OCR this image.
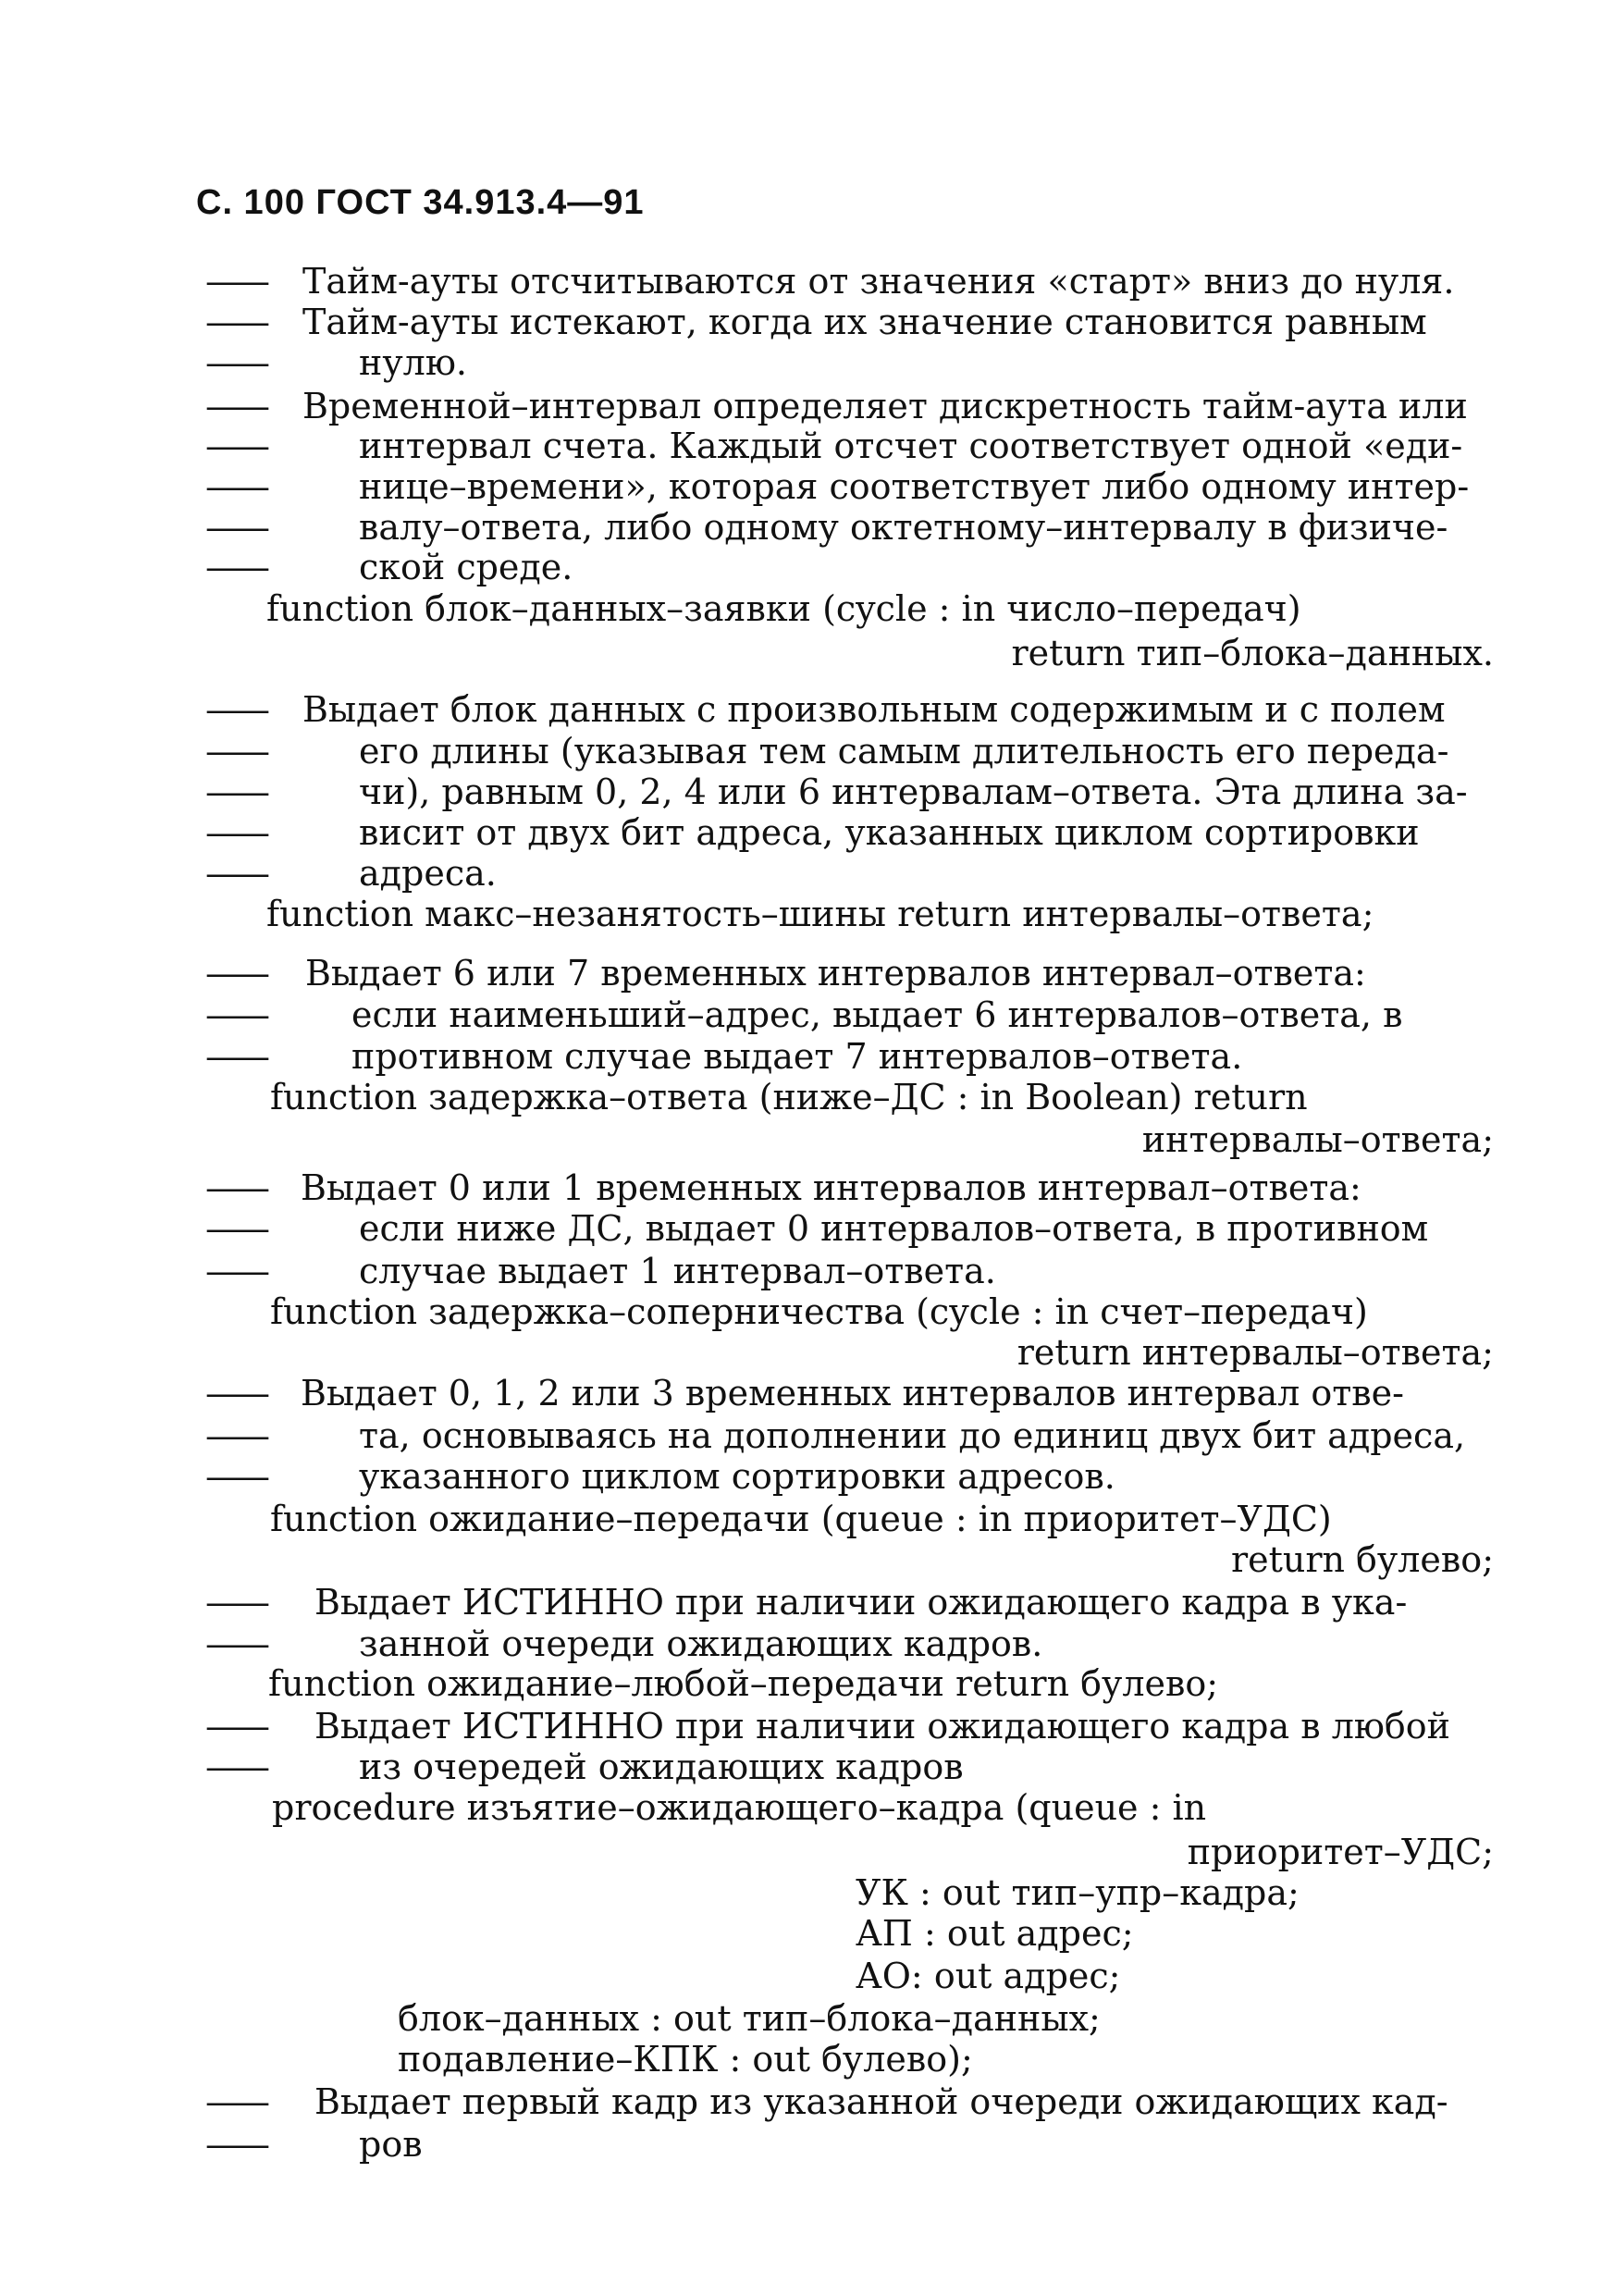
С. 100 ГОСТ 34.913.4—91
—— Тайм-ауты отсчитываются от значения «старт» вниз до нуля.
—— Тайм-ауты истекают, когда их значение становится равным
——	нулю.
—— Временной–интервал определяет дискретность тайм-аута или
——	интервал счета. Каждый отсчет соответствует одной «еди-
——	нице–времени», которая соответствует либо одному интер-
——	валу–ответа, либо одному октетному–интервалу в физиче-
——	ской среде.
function блок–данных–заявки (cycle : in число–передач)
return тип–блока–данных.
—— Выдает блок данных с произвольным содержимым и с полем
——	его длины (указывая тем самым длительность его переда-
——	чи), равным 0, 2, 4 или 6 интервалам–ответа. Эта длина за-
——	висит от двух бит адреса, указанных циклом сортировки
——	адреса.
function макс–незанятость–шины return интервалы–ответа;
—— Выдает 6 или 7 временных интервалов интервал–ответа:
—— если наименьший–адрес, выдает 6 интервалов–ответа, в
—— противном случае выдает 7 интервалов–ответа.
function задержка–ответа (ниже–ДС : in Boolean) return
интервалы–ответа;
—— Выдает 0 или 1 временных интервалов интервал–ответа:
——	если ниже ДС, выдает 0 интервалов–ответа, в противном
——	случае выдает 1 интервал–ответа.
function задержка–соперничества (cycle : in счет–передач)
return интервалы–ответа;
—— Выдает 0, 1, 2 или 3 временных интервалов интервал отве-
——	та, основываясь на дополнении до единиц двух бит адреса,
——	указанного циклом сортировки адресов.
function ожидание–передачи (queue : in приоритет–УДС)
return булево;
—— Выдает ИСТИННО при наличии ожидающего кадра в ука-
——	занной очереди ожидающих кадров.
function ожидание–любой–передачи return булево;
—— Выдает ИСТИННО при наличии ожидающего кадра в любой
——	из очередей ожидающих кадров
procedure изъятие–ожидающего–кадра (queue : in
приоритет–УДС;
УК : out тип–упр–кадра;
АП : out адрес;
АО: out адрес;
блок–данных : out тип–блока–данных;
подавление–КПК : out булево);
—— Выдает первый кадр из указанной очереди ожидающих кад-
——	ров
